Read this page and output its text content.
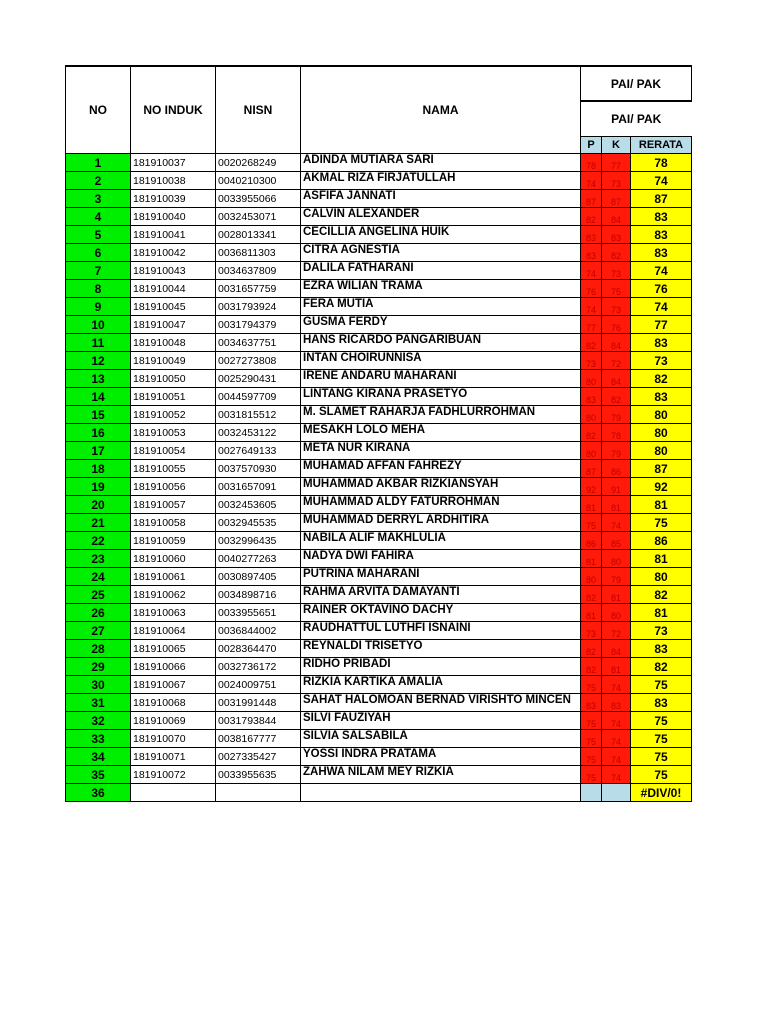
NO	NO INDUK	NISN	NAMA	PAI/ PAK		
				PAI/ PAK		
				P	K	RERATA
1	181910037	0020268249	ADINDA MUTIARA SARI	78	77	78
2	181910038	0040210300	AKMAL RIZA FIRJATULLAH	74	73	74
3	181910039	0033955066	ASFIFA JANNATI	87	87	87
4	181910040	0032453071	CALVIN ALEXANDER	82	84	83
5	181910041	0028013341	CECILLIA ANGELINA HUIK	83	83	83
6	181910042	0036811303	CITRA AGNESTIA	83	82	83
7	181910043	0034637809	DALILA FATHARANI	74	73	74
8	181910044	0031657759	EZRA WILIAN TRAMA	76	75	76
9	181910045	0031793924	FERA MUTIA	74	73	74
10	181910047	0031794379	GUSMA FERDY	77	76	77
11	181910048	0034637751	HANS RICARDO PANGARIBUAN	82	84	83
12	181910049	0027273808	INTAN CHOIRUNNISA	73	72	73
13	181910050	0025290431	IRENE ANDARU MAHARANI	80	84	82
14	181910051	0044597709	LINTANG KIRANA PRASETYO	83	82	83
15	181910052	0031815512	M. SLAMET RAHARJA FADHLURROHMAN	80	79	80
16	181910053	0032453122	MESAKH LOLO MEHA	82	78	80
17	181910054	0027649133	META NUR KIRANA	80	79	80
18	181910055	0037570930	MUHAMAD AFFAN FAHREZY	87	86	87
19	181910056	0031657091	MUHAMMAD AKBAR RIZKIANSYAH	92	91	92
20	181910057	0032453605	MUHAMMAD ALDY FATURROHMAN	81	81	81
21	181910058	0032945535	MUHAMMAD DERRYL ARDHITIRA	75	74	75
22	181910059	0032996435	NABILA ALIF MAKHLULIA	86	85	86
23	181910060	0040277263	NADYA DWI FAHIRA	81	80	81
24	181910061	0030897405	PUTRINA MAHARANI	80	79	80
25	181910062	0034898716	RAHMA ARVITA DAMAYANTI	82	81	82
26	181910063	0033955651	RAINER OKTAVINO DACHY	81	80	81
27	181910064	0036844002	RAUDHATTUL LUTHFI ISNAINI	73	72	73
28	181910065	0028364470	REYNALDI TRISETYO	82	84	83
29	181910066	0032736172	RIDHO PRIBADI	82	81	82
30	181910067	0024009751	RIZKIA KARTIKA AMALIA	75	74	75
31	181910068	0031991448	SAHAT HALOMOAN BERNAD VIRISHTO MINCEN	83	83	83
32	181910069	0031793844	SILVI FAUZIYAH	75	74	75
33	181910070	0038167777	SILVIA SALSABILA	75	74	75
34	181910071	0027335427	YOSSI INDRA PRATAMA	75	74	75
35	181910072	0033955635	ZAHWA NILAM MEY RIZKIA	75	74	75
36						#DIV/0!
